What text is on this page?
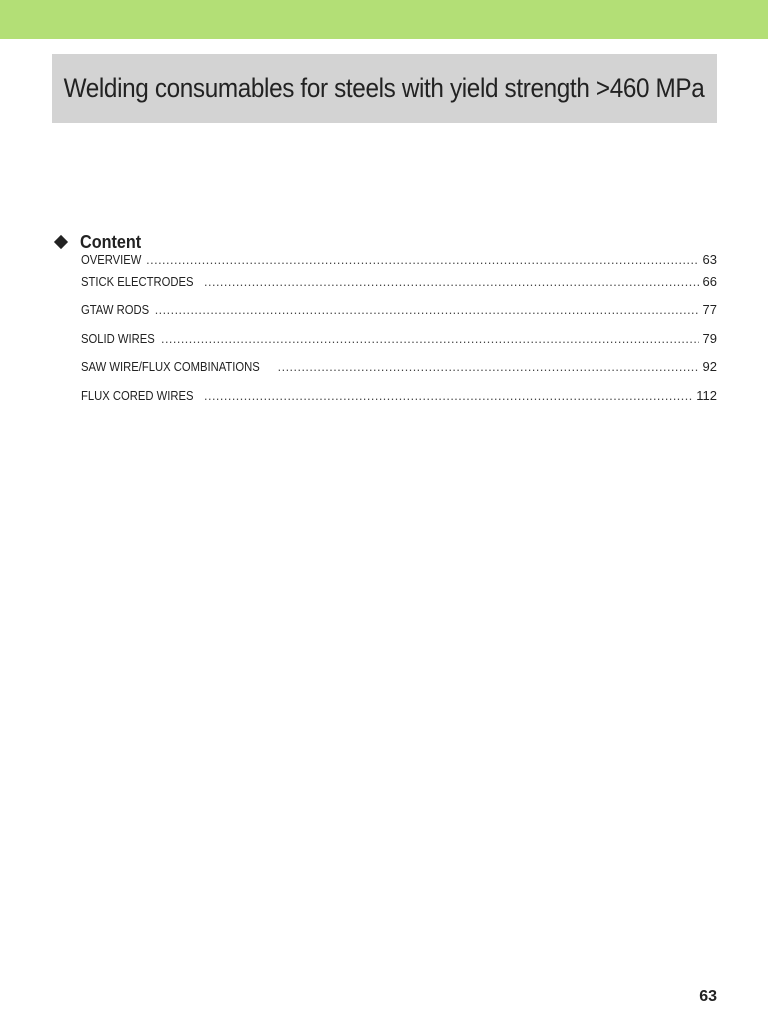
Welding consumables for steels with yield strength >460 MPa
Content
OVERVIEW .....	63
STICK ELECTRODES .....	66
GTAW RODS .....	77
SOLID WIRES .....	79
SAW WIRE/FLUX COMBINATIONS .....	92
FLUX CORED WIRES .....	112
63
